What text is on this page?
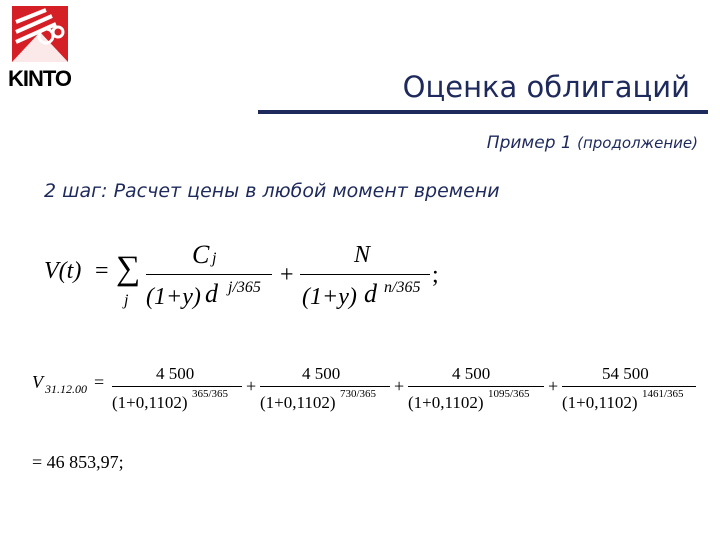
KINTO	Оценка облигаций
Пример 1 (продолжение)
2 шаг: Расчет цены в любой момент времени
V(t) = ∑
j
C j
(1+y) d j/365 +
N
(1+y) d n/365 ;
V 31.12.00 =	4 500
(1+0,1102) 365/365 +
4 500
(1+0,1102) 730/365 +
4 500
(1+0,1102) 1095/365 +
54 500
(1+0,1102) 1461/365
= 46 853,97;
